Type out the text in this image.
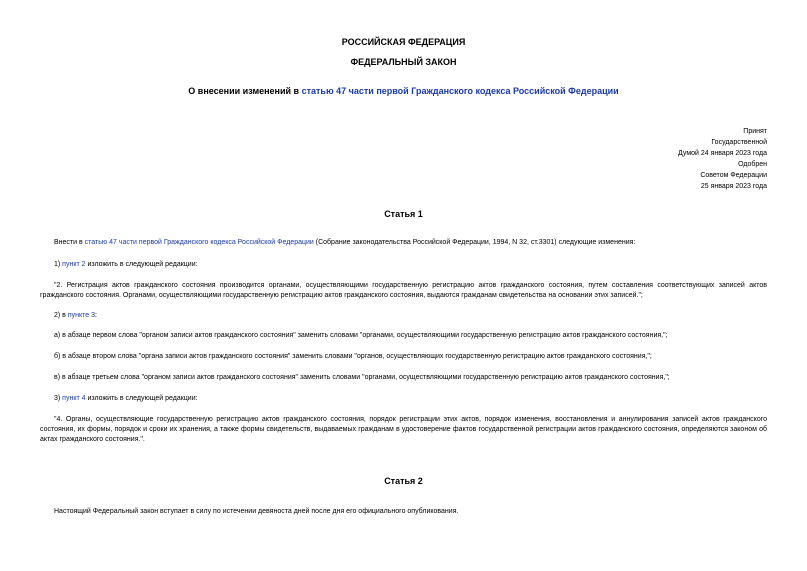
РОССИЙСКАЯ ФЕДЕРАЦИЯ
ФЕДЕРАЛЬНЫЙ ЗАКОН
О внесении изменений в статью 47 части первой Гражданского кодекса Российской Федерации
Принят
Государственной
Думой 24 января 2023 года
Одобрен
Советом Федерации
25 января 2023 года
Статья 1
Внести в статью 47 части первой Гражданского кодекса Российской Федерации (Собрание законодательства Российской Федерации, 1994, N 32, ст.3301) следующие изменения:
1) пункт 2 изложить в следующей редакции:
"2. Регистрация актов гражданского состояния производится органами, осуществляющими государственную регистрацию актов гражданского состояния, путем составления соответствующих записей актов гражданского состояния. Органами, осуществляющими государственную регистрацию актов гражданского состояния, выдаются гражданам свидетельства на основании этих записей.";
2) в пункте 3:
а) в абзаце первом слова "органом записи актов гражданского состояния" заменить словами "органами, осуществляющими государственную регистрацию актов гражданского состояния,";
б) в абзаце втором слова "органа записи актов гражданского состояния" заменить словами "органов, осуществляющих государственную регистрацию актов гражданского состояния,";
в) в абзаце третьем слова "органом записи актов гражданского состояния" заменить словами "органами, осуществляющими государственную регистрацию актов гражданского состояния,";
3) пункт 4 изложить в следующей редакции:
"4. Органы, осуществляющие государственную регистрацию актов гражданского состояния, порядок регистрации этих актов, порядок изменения, восстановления и аннулирования записей актов гражданского состояния, их формы, порядок и сроки их хранения, а также формы свидетельств, выдаваемых гражданам в удостоверение фактов государственной регистрации актов гражданского состояния, определяются законом об актах гражданского состояния.".
Статья 2
Настоящий Федеральный закон вступает в силу по истечении девяноста дней после дня его официального опубликования.
